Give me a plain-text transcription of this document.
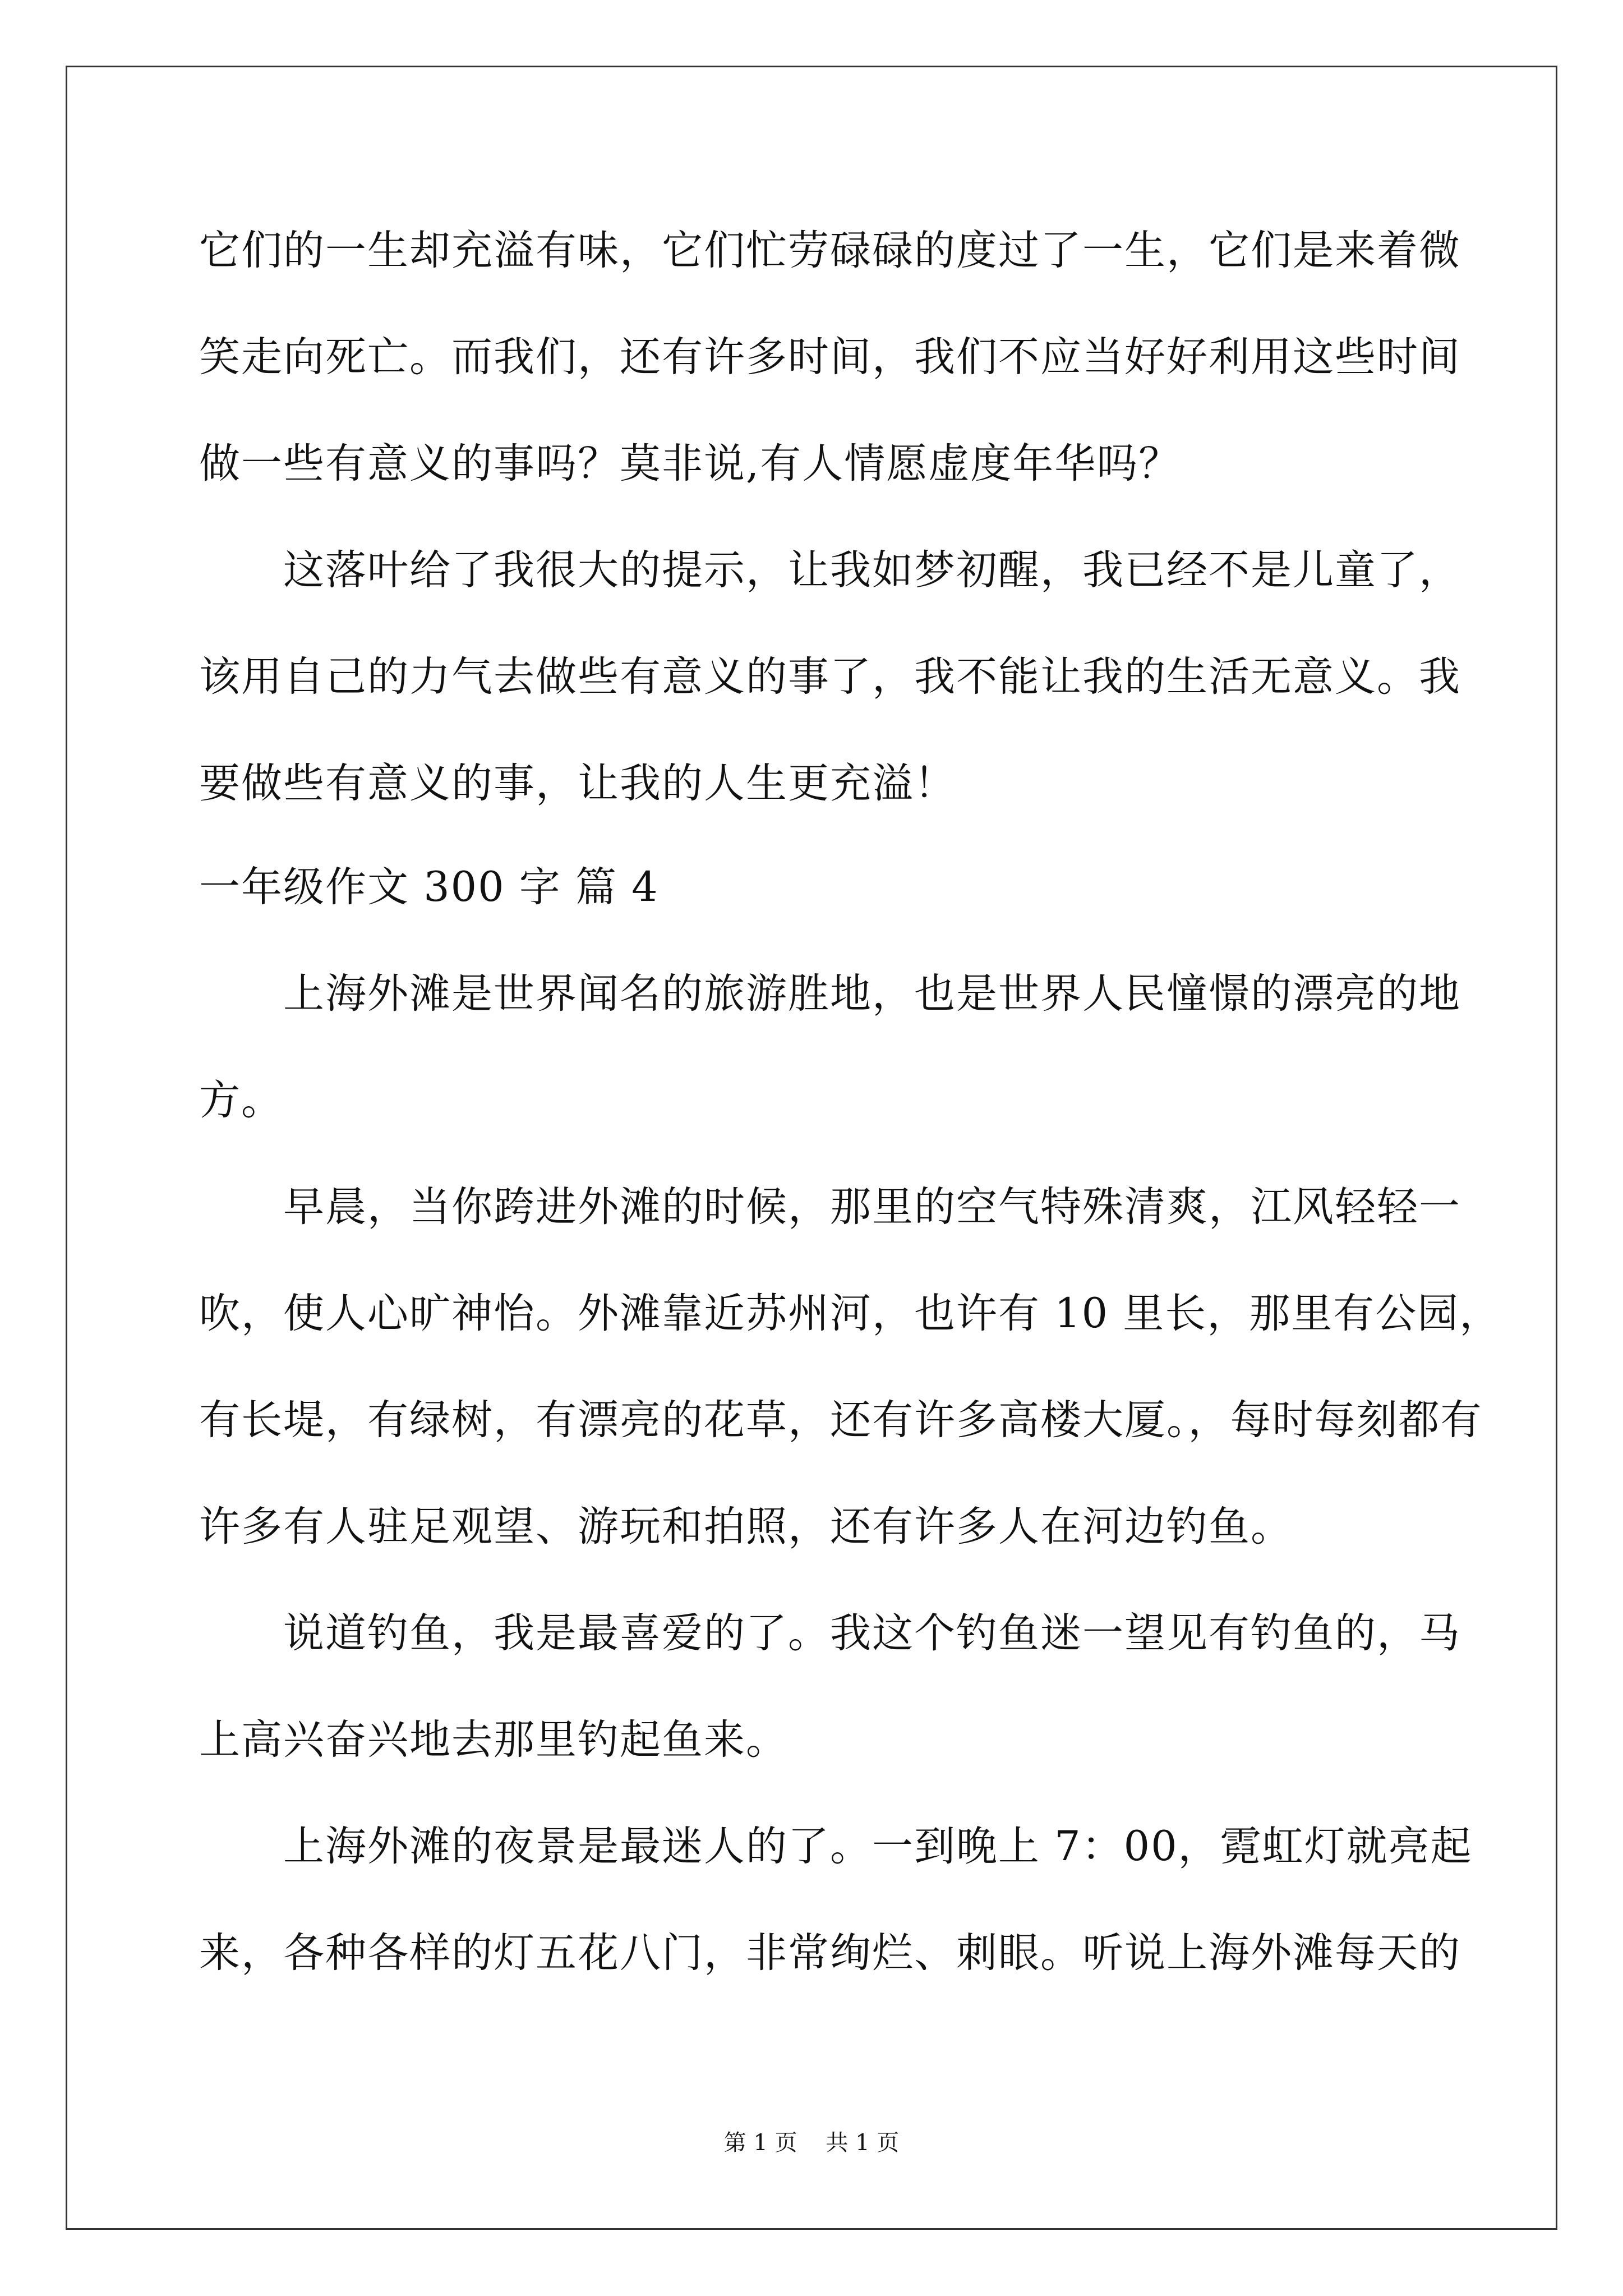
它们的一生却充溢有味，它们忙劳碌碌的度过了一生，它们是来着微
笑走向死亡。而我们，还有许多时间，我们不应当好好利用这些时间
做一些有意义的事吗？莫非说,有人情愿虚度年华吗？
　　这落叶给了我很大的提示，让我如梦初醒，我已经不是儿童了，
该用自己的力气去做些有意义的事了，我不能让我的生活无意义。我
要做些有意义的事，让我的人生更充溢！
一年级作文 300 字 篇 4
　　上海外滩是世界闻名的旅游胜地，也是世界人民憧憬的漂亮的地
方。
　　早晨，当你跨进外滩的时候，那里的空气特殊清爽，江风轻轻一
吹，使人心旷神怡。外滩靠近苏州河，也许有 10 里长，那里有公园，
有长堤，有绿树，有漂亮的花草，还有许多高楼大厦。，每时每刻都有
许多有人驻足观望、游玩和拍照，还有许多人在河边钓鱼。
　　说道钓鱼，我是最喜爱的了。我这个钓鱼迷一望见有钓鱼的，马
上高兴奋兴地去那里钓起鱼来。
　　上海外滩的夜景是最迷人的了。一到晚上 7：00，霓虹灯就亮起
来，各种各样的灯五花八门，非常绚烂、刺眼。听说上海外滩每天的
第 1 页    共 1 页
